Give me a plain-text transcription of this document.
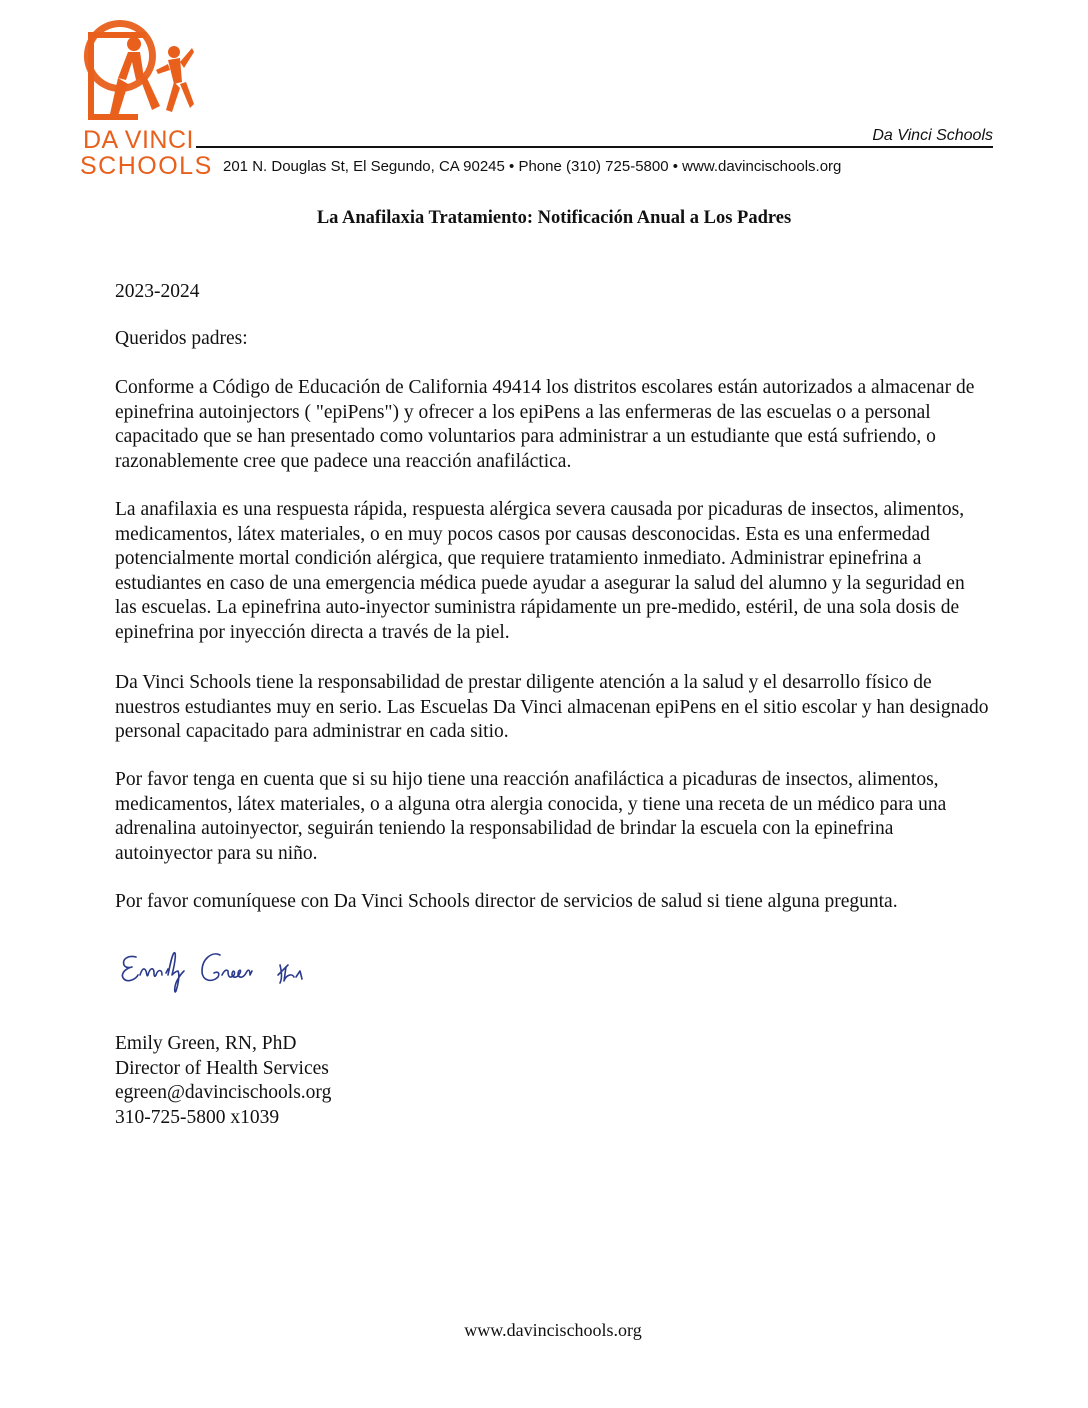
DA VINCI
SCHOOLS
Da Vinci Schools
201 N. Douglas St, El Segundo, CA 90245 • Phone (310) 725-5800 • www.davincischools.org
La Anafilaxia Tratamiento: Notificación Anual a Los Padres
2023-2024
Queridos padres:

Conforme a Código de Educación de California 49414 los distritos escolares están autorizados a almacenar de epinefrina autoinjectors ( "epiPens") y ofrecer a los epiPens a las enfermeras de las escuelas o a personal capacitado que se han presentado como voluntarios para administrar a un estudiante que está sufriendo, o razonablemente cree que padece una reacción anafiláctica.

La anafilaxia es una respuesta rápida, respuesta alérgica severa causada por picaduras de insectos, alimentos, medicamentos, látex materiales, o en muy pocos casos por causas desconocidas. Esta es una enfermedad potencialmente mortal condición alérgica, que requiere tratamiento inmediato. Administrar epinefrina a estudiantes en caso de una emergencia médica puede ayudar a asegurar la salud del alumno y la seguridad en las escuelas. La epinefrina auto-inyector suministra rápidamente un pre-medido, estéril, de una sola dosis de epinefrina por inyección directa a través de la piel.

Da Vinci Schools tiene la responsabilidad de prestar diligente atención a la salud y el desarrollo físico de nuestros estudiantes muy en serio. Las Escuelas Da Vinci almacenan epiPens en el sitio escolar y han designado personal capacitado para administrar en cada sitio.

Por favor tenga en cuenta que si su hijo tiene una reacción anafiláctica a picaduras de insectos, alimentos, medicamentos, látex materiales, o a alguna otra alergia conocida, y tiene una receta de un médico para una adrenalina autoinyector, seguirán teniendo la responsabilidad de brindar la escuela con la epinefrina autoinyector para su niño.

Por favor comuníquese con Da Vinci Schools director de servicios de salud si tiene alguna pregunta.

Emily Green, RN, PhD
Director of Health Services
egreen@davincischools.org
310-725-5800 x1039
www.davincischools.org
